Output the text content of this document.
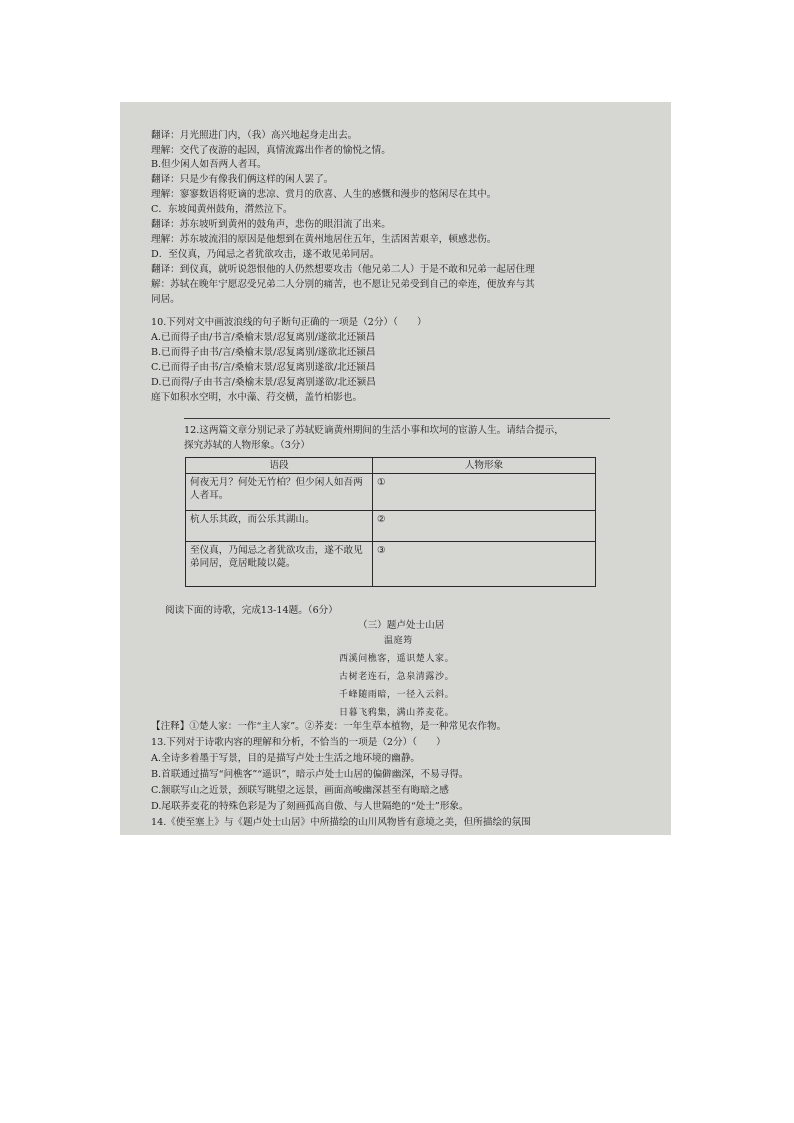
翻译：月光照进门内，（我）高兴地起身走出去。
理解：交代了夜游的起因，真情流露出作者的愉悦之情。
B.但少闲人如吾两人者耳。
翻译：只是少有像我们俩这样的闲人罢了。
理解：寥寥数语将贬谪的悲凉、赏月的欣喜、人生的感慨和漫步的悠闲尽在其中。
C．东坡闻黄州鼓角，潸然泣下。
翻译：苏东坡听到黄州的鼓角声，悲伤的眼泪流了出来。
理解：苏东坡流泪的原因是他想到在黄州地居住五年，生活困苦艰辛，顿感悲伤。
D．至仪真，乃闻忌之者犹欲攻击，遂不敢见弟同居。
翻译：到仪真，就听说怨恨他的人仍然想要攻击（他兄弟二人）于是不敢和兄弟一起居住理
解：苏轼在晚年宁愿忍受兄弟二人分别的痛苦，也不愿让兄弟受到自己的牵连，便放弃与其
同居。
10.下列对文中画波浪线的句子断句正确的一项是（2分）（　　）
A.已而得子由/书言/桑榆末景/忍复离别/遂欲北还颍昌
B.已而得子由书/言/桑榆末景/忍复离别/遂欲北还颍昌
C.已而得子由书/言/桑榆末景/忍复离别遂欲/北还颍昌
D.已而得/子由书言/桑榆末景/忍复离别遂欲/北还颍昌
庭下如积水空明，水中藻、荇交横，盖竹柏影也。
12.这两篇文章分别记录了苏轼贬谪黄州期间的生活小事和坎坷的宦游人生。请结合提示，
探究苏轼的人物形象。（3分）
语段	人物形象
何夜无月？何处无竹柏？但少闲人如吾两人者耳。	①
杭人乐其政，而公乐其湖山。	②
至仪真，乃闻忌之者犹欲攻击，遂不敢见弟同居，竟居毗陵以薨。	③
阅读下面的诗歌，完成13-14题。（6分）
（三）题卢处士山居
温庭筠
西溪问樵客，遥识楚人家。
古树老连石，急泉清露沙。
千峰随雨暗，一径入云斜。
日暮飞鸦集，满山荞麦花。
【注释】①楚人家：一作“主人家”。②荞麦：一年生草本植物，是一种常见农作物。
13.下列对于诗歌内容的理解和分析，不恰当的一项是（2分）（　　）
A.全诗多着墨于写景，目的是描写卢处士生活之地环境的幽静。
B.首联通过描写“问樵客”“遥识”，暗示卢处士山居的偏僻幽深，不易寻得。
C.颔联写山之近景，颈联写眺望之远景，画面高峻幽深甚至有晦暗之感
D.尾联荞麦花的特殊色彩是为了刻画孤高自傲、与人世隔绝的“处士”形象。
14.《使至塞上》与《题卢处士山居》中所描绘的山川风物皆有意境之美，但所描绘的氛围
